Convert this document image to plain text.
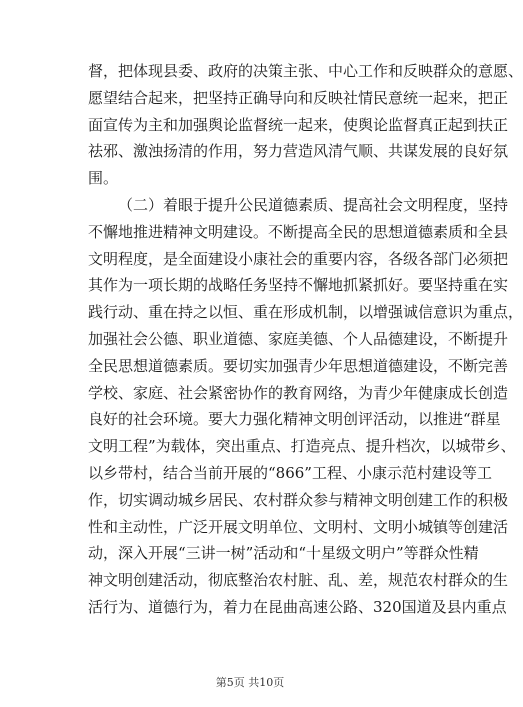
督，把体现县委、政府的决策主张、中心工作和反映群众的意愿、
愿望结合起来，把坚持正确导向和反映社情民意统一起来，把正
面宣传为主和加强舆论监督统一起来，使舆论监督真正起到扶正
祛邪、激浊扬清的作用，努力营造风清气顺、共谋发展的良好氛
围。
（二）着眼于提升公民道德素质、提高社会文明程度，坚持
不懈地推进精神文明建设。不断提高全民的思想道德素质和全县
文明程度，是全面建设小康社会的重要内容，各级各部门必须把
其作为一项长期的战略任务坚持不懈地抓紧抓好。要坚持重在实
践行动、重在持之以恒、重在形成机制，以增强诚信意识为重点，
加强社会公德、职业道德、家庭美德、个人品德建设，不断提升
全民思想道德素质。要切实加强青少年思想道德建设，不断完善
学校、家庭、社会紧密协作的教育网络，为青少年健康成长创造
良好的社会环境。要大力强化精神文明创评活动，以推进“群星
文明工程”为载体，突出重点、打造亮点、提升档次，以城带乡、
以乡带村，结合当前开展的“866”工程、小康示范村建设等工
作，切实调动城乡居民、农村群众参与精神文明创建工作的积极
性和主动性，广泛开展文明单位、文明村、文明小城镇等创建活
动，深入开展“三讲一树”活动和“十星级文明户”等群众性精
神文明创建活动，彻底整治农村脏、乱、差，规范农村群众的生
活行为、道德行为，着力在昆曲高速公路、320国道及县内重点
第5页 共10页
